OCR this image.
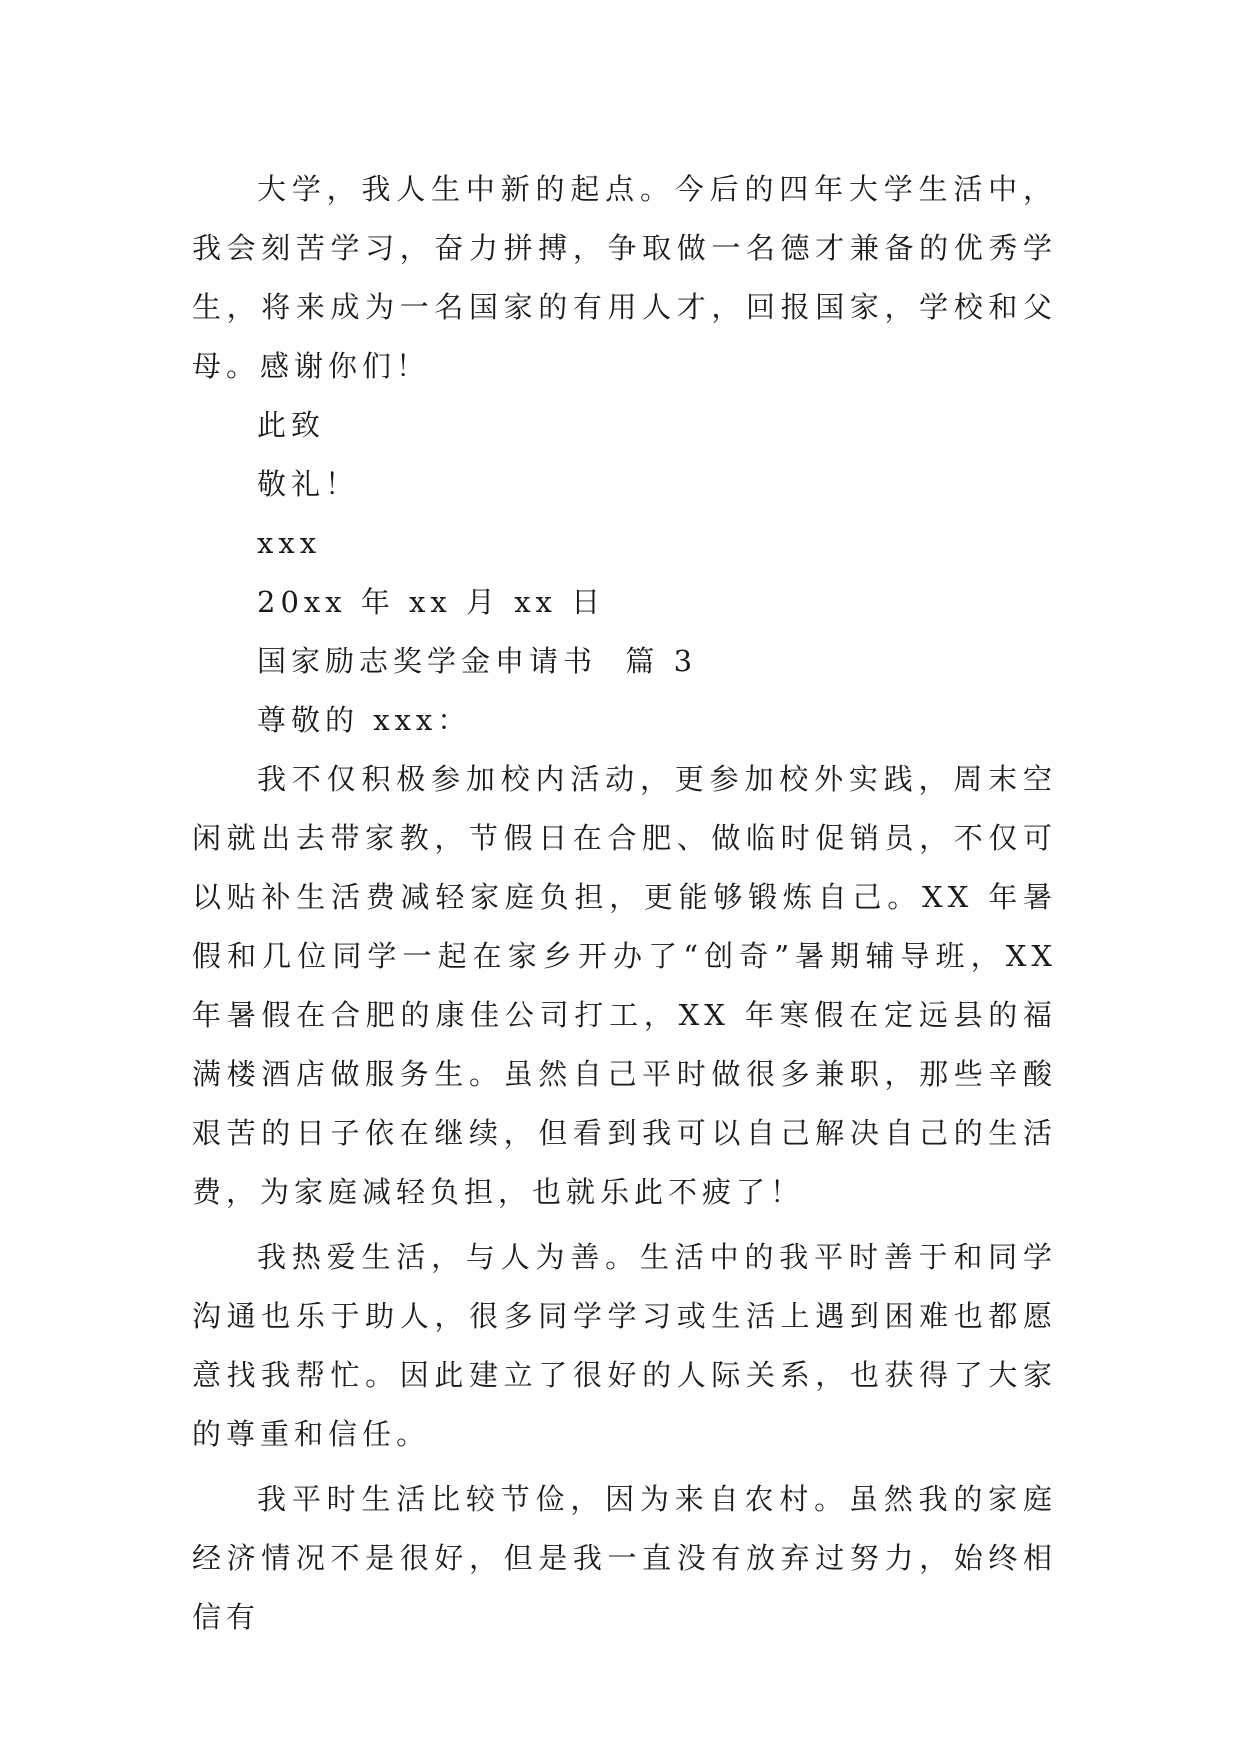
大学，我人生中新的起点。今后的四年大学生活中，我会刻苦学习，奋力拼搏，争取做一名德才兼备的优秀学生，将来成为一名国家的有用人才，回报国家，学校和父母。感谢你们！

此致

敬礼！

xxx

20xx 年 xx 月 xx 日

国家励志奖学金申请书  篇 3

尊敬的 xxx：

我不仅积极参加校内活动，更参加校外实践，周末空闲就出去带家教，节假日在合肥、做临时促销员，不仅可以贴补生活费减轻家庭负担，更能够锻炼自己。XX 年暑假和几位同学一起在家乡开办了“创奇”暑期辅导班，XX 年暑假在合肥的康佳公司打工，XX 年寒假在定远县的福满楼酒店做服务生。虽然自己平时做很多兼职，那些辛酸艰苦的日子依在继续，但看到我可以自己解决自己的生活费，为家庭减轻负担，也就乐此不疲了！

我热爱生活，与人为善。生活中的我平时善于和同学沟通也乐于助人，很多同学学习或生活上遇到困难也都愿意找我帮忙。因此建立了很好的人际关系，也获得了大家的尊重和信任。

我平时生活比较节俭，因为来自农村。虽然我的家庭经济情况不是很好，但是我一直没有放弃过努力，始终相信有
